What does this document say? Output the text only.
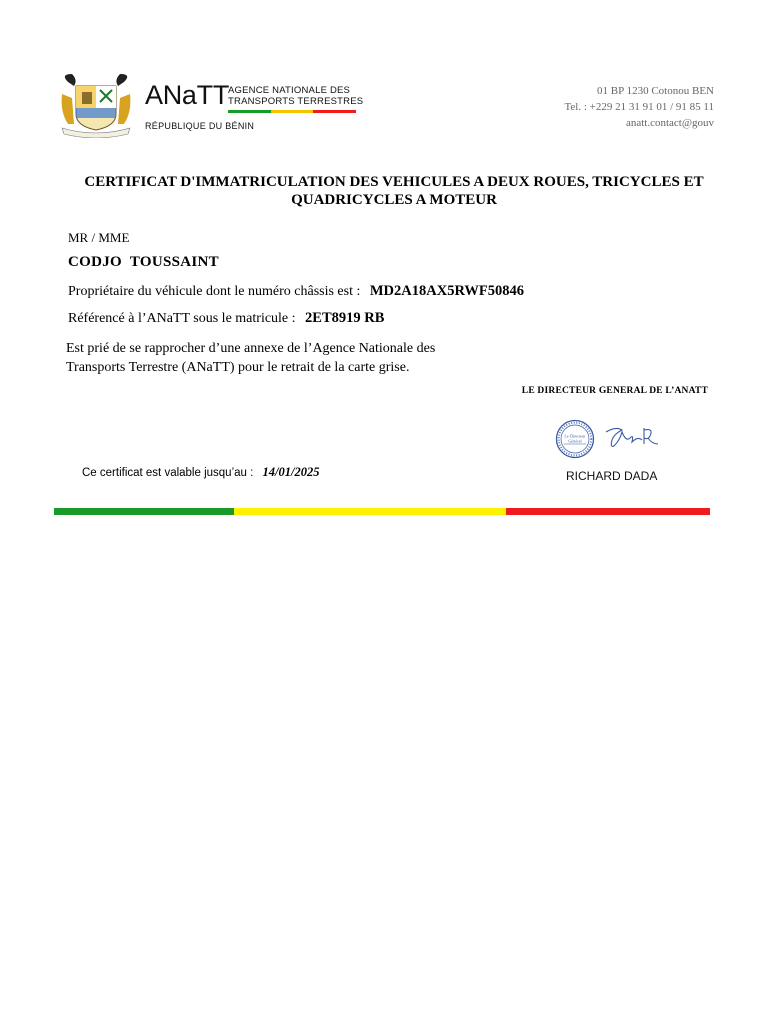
ANaTT
AGENCE NATIONALE DES
TRANSPORTS TERRESTRES
RÉPUBLIQUE DU BÉNIN
01 BP 1230 Cotonou BEN
Tel. : +229 21 31 91 01 / 91 85 11
anatt.contact@gouv
CERTIFICAT D'IMMATRICULATION DES VEHICULES A DEUX ROUES, TRICYCLES ET
QUADRICYCLES A MOTEUR
MR / MME
CODJO  TOUSSAINT
Propriétaire du véhicule dont le numéro châssis est : MD2A18AX5RWF50846
Référencé à l’ANaTT sous le matricule : 2ET8919 RB
Est prié de se rapprocher d’une annexe de l’Agence Nationale des
Transports Terrestre (ANaTT) pour le retrait de la carte grise.
LE DIRECTEUR GENERAL DE L’ANATT
Le Directeur
Général
RICHARD DADA
Ce certificat est valable jusqu’au : 14/01/2025
